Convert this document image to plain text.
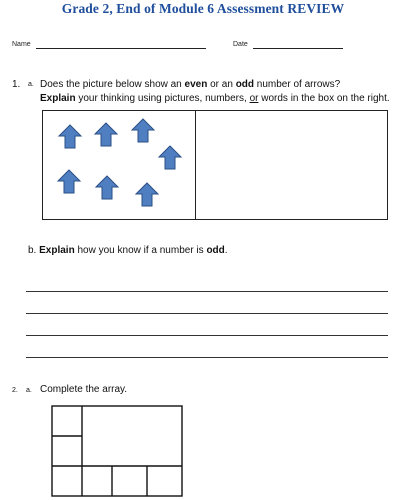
Grade 2, End of Module 6 Assessment REVIEW
Name	Date
1. a. Does the picture below show an even or an odd number of arrows?
Explain your thinking using pictures, numbers, or words in the box on the right.
b. Explain how you know if a number is odd.
2. a. Complete the array.
